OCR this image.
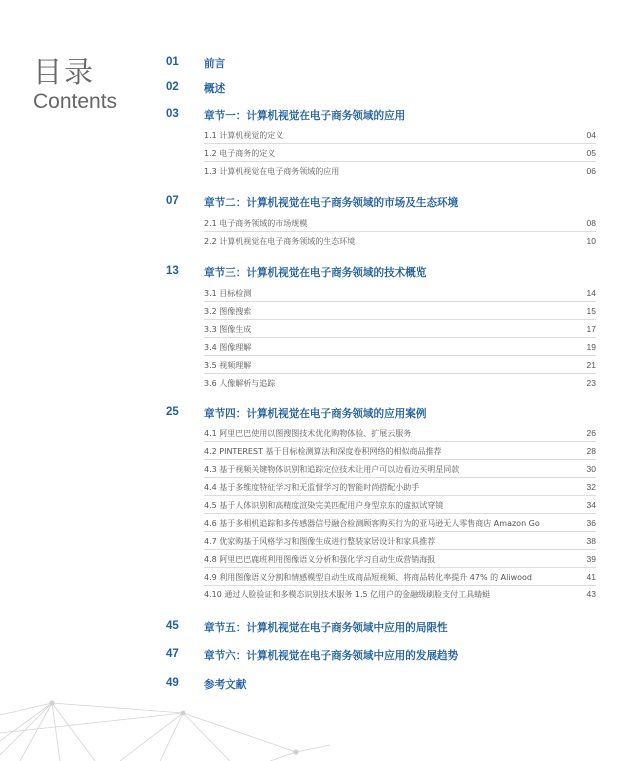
目录
Contents
01	前言
02	概述
03	章节一：计算机视觉在电子商务领域的应用
1.1 计算机视觉的定义	04
1.2 电子商务的定义	05
1.3 计算机视觉在电子商务领域的应用	06
07	章节二：计算机视觉在电子商务领域的市场及生态环境
2.1 电子商务领域的市场规模	08
2.2 计算机视觉在电子商务领域的生态环境	10
13	章节三：计算机视觉在电子商务领域的技术概览
3.1 目标检测	14
3.2 图像搜索	15
3.3 图像生成	17
3.4 图像理解	19
3.5 视频理解	21
3.6 人像解析与追踪	23
25	章节四：计算机视觉在电子商务领域的应用案例
4.1 阿里巴巴使用以图搜图技术优化购物体验、扩展云服务	26
4.2 PINTEREST 基于目标检测算法和深度卷积网络的相似商品推荐	28
4.3 基于视频关键物体识别和追踪定位技术让用户可以边看边买明星同款	30
4.4 基于多维度特征学习和无监督学习的智能时尚搭配小助手	32
4.5 基于人体识别和高精度渲染完美匹配用户身型京东的虚拟试穿镜	34
4.6 基于多相机追踪和多传感器信号融合检测顾客购买行为的亚马逊无人零售商店 Amazon Go	36
4.7 优家购基于风格学习和图像生成进行整装家居设计和家具推荐	38
4.8 阿里巴巴鹿班利用图像语义分析和强化学习自动生成营销海报	39
4.9 利用图像语义分割和情感模型自动生成商品短视频、将商品转化率提升 47% 的 Aliwood	41
4.10 通过人脸验证和多模态识别技术服务 1.5 亿用户的金融级刷脸支付工具蜻蜓	43
45	章节五：计算机视觉在电子商务领域中应用的局限性
47	章节六：计算机视觉在电子商务领域中应用的发展趋势
49	参考文献
